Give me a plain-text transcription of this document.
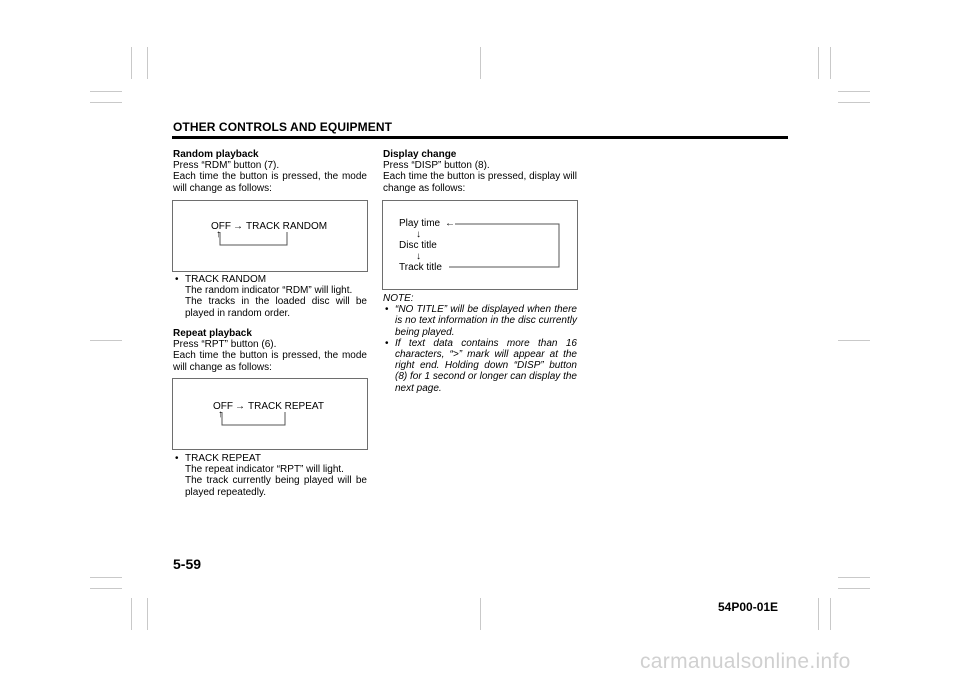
OTHER CONTROLS AND EQUIPMENT

Random playback

Press “RDM” button (7).

Each time the button is pressed, the mode will change as follows:

OFF → TRACK RANDOM
↑
• TRACK RANDOM

The random indicator “RDM” will light.

The tracks in the loaded disc will be played in random order.

Repeat playback

Press “RPT” button (6).

Each time the button is pressed, the mode will change as follows:

OFF → TRACK REPEAT
↑
• TRACK REPEAT

The repeat indicator “RPT” will light.

The track currently being played will be played repeatedly.

Display change

Press “DISP” button (8).

Each time the button is pressed, display will change as follows:

Play time ←
↓
Disc title
↓
Track title

NOTE:

• “NO TITLE” will be displayed when there is no text information in the disc currently being played.

• If text data contains more than 16 characters, “>” mark will appear at the right end. Holding down “DISP” button (8) for 1 second or longer can display the next page.

5-59
54P00-01E
carmanualsonline.info
